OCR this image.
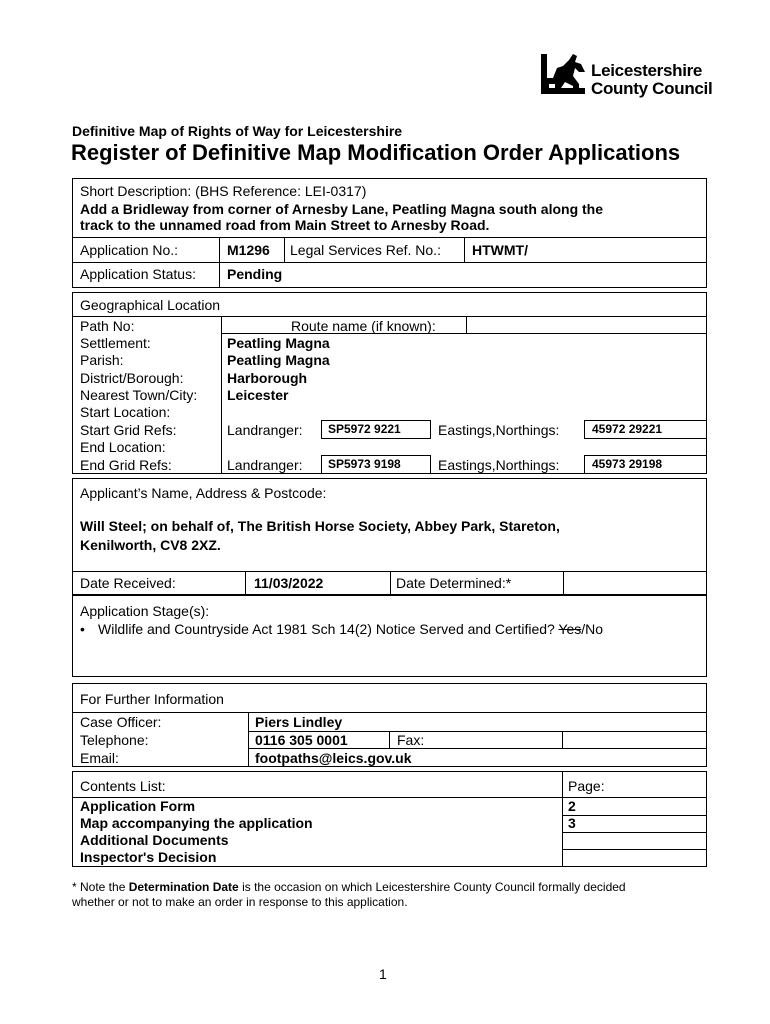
Leicestershire
County Council
Definitive Map of Rights of Way for Leicestershire
Register of Definitive Map Modification Order Applications
Short Description: (BHS Reference: LEI-0317)
Add a Bridleway from corner of Arnesby Lane, Peatling Magna south along the
track to the unnamed road from Main Street to Arnesby Road.
Application No.:	M1296 Legal Services Ref. No.: HTWMT/
Application Status: Pending
Geographical Location
Path No:	Route name (if known):
Settlement:	Peatling Magna
Parish:	Peatling Magna
District/Borough:	Harborough
Nearest Town/City: Leicester
Start Location:
Start Grid Refs:	Landranger: SP5972 9221	Eastings,Northings:	45972 29221
End Location:
End Grid Refs:	Landranger: SP5973 9198	Eastings,Northings:	45973 29198
Applicant’s Name, Address & Postcode:
Will Steel; on behalf of, The British Horse Society, Abbey Park, Stareton,
Kenilworth, CV8 2XZ.
Date Received:	11/03/2022	Date Determined:*
Application Stage(s):
• Wildlife and Countryside Act 1981 Sch 14(2) Notice Served and Certified? Yes/No
For Further Information
Case Officer:	Piers Lindley
Telephone:	0116 305 0001	Fax:
Email:	footpaths@leics.gov.uk
Contents List:	Page:
Application Form	2
Map accompanying the application	3
Additional Documents
Inspector's Decision
* Note the Determination Date is the occasion on which Leicestershire County Council formally decided
whether or not to make an order in response to this application.
1
